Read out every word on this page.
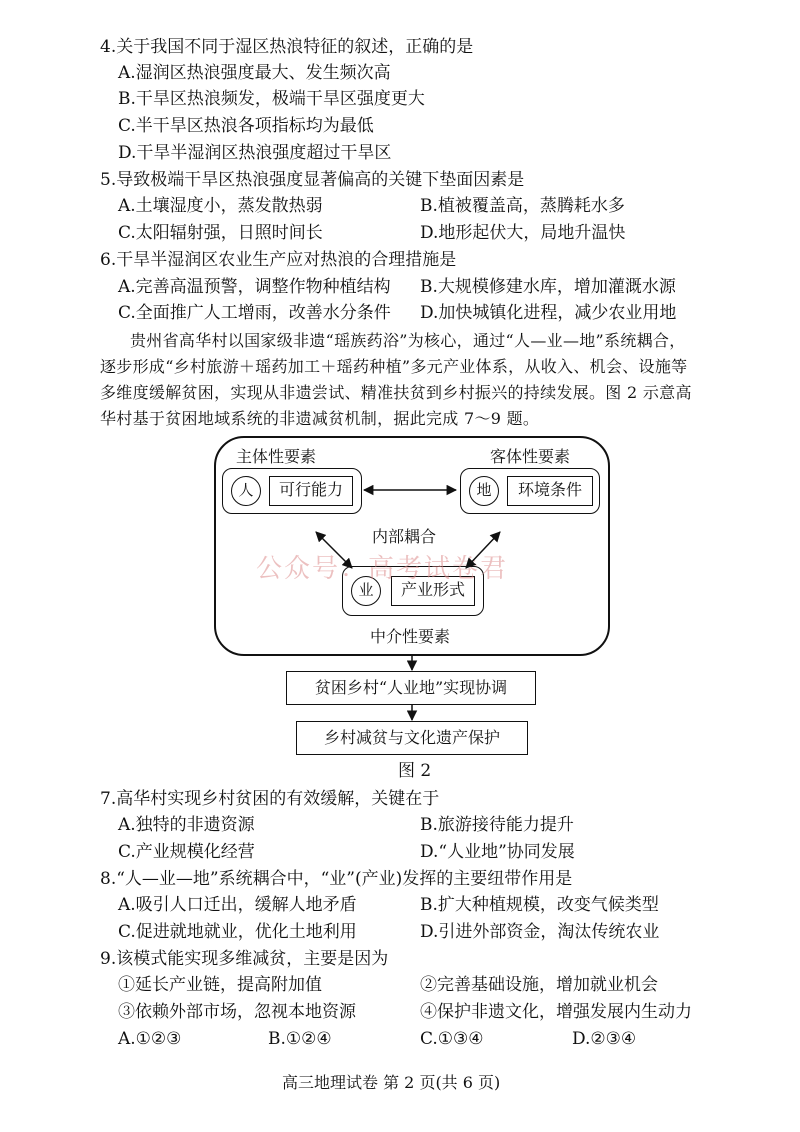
4.关于我国不同于湿区热浪特征的叙述，正确的是
A.湿润区热浪强度最大、发生频次高
B.干旱区热浪频发，极端干旱区强度更大
C.半干旱区热浪各项指标均为最低
D.干旱半湿润区热浪强度超过干旱区
5.导致极端干旱区热浪强度显著偏高的关键下垫面因素是
A.土壤湿度小，蒸发散热弱	B.植被覆盖高，蒸腾耗水多
C.太阳辐射强，日照时间长	D.地形起伏大，局地升温快
6.干旱半湿润区农业生产应对热浪的合理措施是
A.完善高温预警，调整作物种植结构 B.大规模修建水库，增加灌溉水源
C.全面推广人工增雨，改善水分条件 D.加快城镇化进程，减少农业用地
贵州省高华村以国家级非遗“瑶族药浴”为核心，通过“人—业—地”系统耦合，
逐步形成“乡村旅游＋瑶药加工＋瑶药种植”多元产业体系，从收入、机会、设施等
多维度缓解贫困，实现从非遗尝试、精准扶贫到乡村振兴的持续发展。图 2 示意高
华村基于贫困地域系统的非遗减贫机制，据此完成 7～9 题。
主体性要素	客体性要素
人	可行能力	地	环境条件
内部耦合
业	产业形式
中介性要素
公众号：高考试卷君
贫困乡村“人业地”实现协调
乡村减贫与文化遗产保护
图 2
7.高华村实现乡村贫困的有效缓解，关键在于
A.独特的非遗资源	B.旅游接待能力提升
C.产业规模化经营	D.“人业地”协同发展
8.“人—业—地”系统耦合中，“业”(产业)发挥的主要纽带作用是
A.吸引人口迁出，缓解人地矛盾	B.扩大种植规模，改变气候类型
C.促进就地就业，优化土地利用	D.引进外部资金，淘汰传统农业
9.该模式能实现多维减贫，主要是因为
①延长产业链，提高附加值	②完善基础设施，增加就业机会
③依赖外部市场，忽视本地资源	④保护非遗文化，增强发展内生动力
A.①②③	B.①②④	C.①③④	D.②③④
高三地理试卷 第 2 页(共 6 页)
